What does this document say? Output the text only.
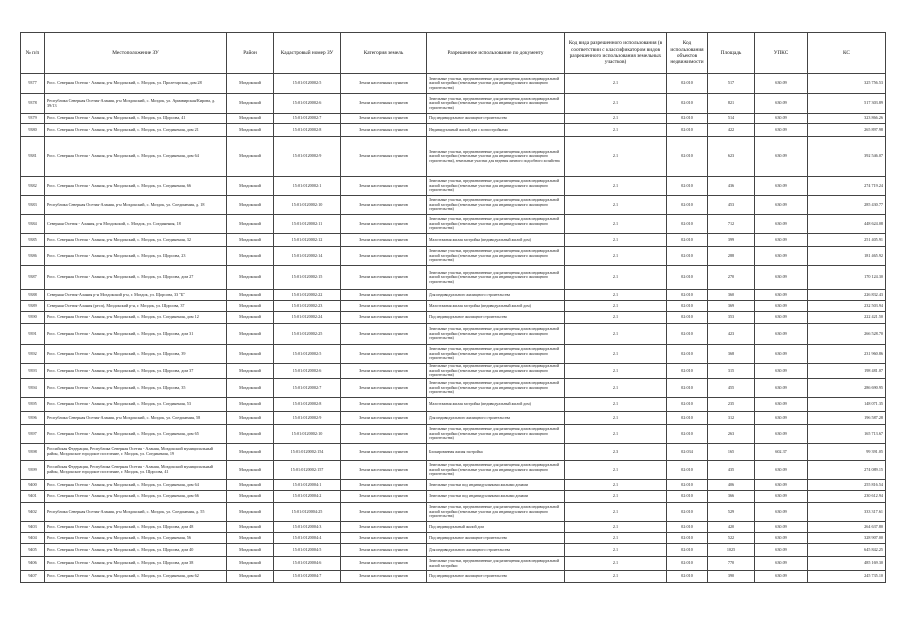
№ п/п	Местоположение ЗУ	Район	Кадастровый номер ЗУ	Категория земель	Разрешенное использование по документу	Код вида разрешенного использования (в соответствии с классификатором видов разрешенного использования земельных участков)	Код использования объектов недвижимости	Площадь	УПКС	КС
9377	Росс. Северная Осетия - Алания, р-н Моздокский, с. Моздок, ул. Пролетарская, дом 28	Моздокский	15:01:0120002:5	Земли населенных пунктов	Земельные участки, предназначенные для размещения домов индивидуальной жилой застройки (земельные участки для индивидуального жилищного строительства)	2.1	02:010	517	630.09	325 756.53
9378	Республика Северная Осетия-Алания, р-н Моздокский, с. Моздок, ул. Армавирская/Кирова, д. 39/13	Моздокский	15:01:0120002:6	Земли населенных пунктов	Земельные участки, предназначенные для размещения домов индивидуальной жилой застройки (земельные участки для индивидуального жилищного строительства)	2.1	02:010	821	630.09	517 303.89
9379	Росс. Северная Осетия - Алания, р-н Моздокский, с. Моздок, ул. Щорсова, 41	Моздокский	15:01:0120002:7	Земли населенных пунктов	Под индивидуальное жилищное строительство	2.1	02:010	514	630.09	323 866.26
9380	Росс. Северная Осетия - Алания, р-н Моздокский, с. Моздок, ул. Соединения, дом 21	Моздокский	15:01:0120002:8	Земли населенных пунктов	Индивидуальный жилой дом с хозпостройками	2.1	02:010	422	630.09	265 897.98
9381	Росс. Северная Осетия - Алания, р-н Моздокский, с. Моздок, ул. Соединения, дом 64	Моздокский	15:01:0120002:9	Земли населенных пунктов	Земельные участки, предназначенные для размещения домов индивидуальной жилой застройки (земельные участки для индивидуального жилищного строительства), земельные участки для ведения личного подсобного хозяйства	2.1	02:010	623	630.09	392 546.07
9382	Росс. Северная Осетия - Алания, р-н Моздокский, с. Моздок, ул. Соединения, 66	Моздокский	15:01:0120002:1	Земли населенных пунктов	Земельные участки, предназначенные для размещения домов индивидуальной жилой застройки (земельные участки для индивидуального жилищного строительства)	2.1	02:010	436	630.09	274 719.24
9383	Республика Северная Осетия-Алания, р-н Моздокский, с. Моздок, ул. Соединения, д. 18	Моздокский	15:01:0120002:10	Земли населенных пунктов	Земельные участки, предназначенные для размещения домов индивидуальной жилой застройки (земельные участки для индивидуального жилищного строительства)	2.1	02:010	453	630.09	285 430.77
9384	Северная Осетия - Алания, р-н Моздокский, с. Моздок, ул. Соединения, 18	Моздокский	15:01:0120002:11	Земли населенных пунктов	Земельные участки, предназначенные для размещения домов индивидуальной жилой застройки (земельные участки для индивидуального жилищного строительства)	2.1	02:010	712	630.09	448 624.08
9385	Росс. Северная Осетия - Алания, р-н Моздокский, с. Моздок, ул. Соединения, 32	Моздокский	15:01:0120002:12	Земли населенных пунктов	Малоэтажная жилая застройка (индивидуальный жилой дом)	2.1	02:010	399	630.09	251 405.91
9386	Росс. Северная Осетия - Алания, р-н Моздокский, с. Моздок, ул. Щорсова, 23	Моздокский	15:01:0120002:14	Земли населенных пунктов	Земельные участки, предназначенные для размещения домов индивидуальной жилой застройки (земельные участки для индивидуального жилищного строительства)	2.1	02:010	288	630.09	181 465.92
9387	Росс. Северная Осетия - Алания, р-н Моздокский, с. Моздок, ул. Щорсова, дом 27	Моздокский	15:01:0120002:15	Земли населенных пунктов	Земельные участки, предназначенные для размещения домов индивидуальной жилой застройки (земельные участки для индивидуального жилищного строительства)	2.1	02:010	270	630.09	170 124.30
9388	Северная Осетия-Алания р-н Моздокский р-н, г. Моздок, ул. Щорсова, 33 "Б"	Моздокский	15:01:0120002:22	Земли населенных пунктов	Для индивидуального жилищного строительства	2.1	02:010	360	630.09	226 832.43
9389	Северная Осетия-Алания (респ), Моздокский р-н, г. Моздок, ул. Щорсова, 37	Моздокский	15:01:0120002:23	Земли населенных пунктов	Малоэтажная жилая застройка (индивидуальный жилой дом)	2.1	02:010	369	630.09	232 503.94
9390	Росс. Северная Осетия - Алания, р-н Моздокский, с. Моздок, ул. Соединения, дом 12	Моздокский	15:01:0120002:24	Земли населенных пунктов	Под индивидуальное жилищное строительство	2.1	02:010	353	630.09	222 421.50
9391	Росс. Северная Осетия - Алания, р-н Моздокский, с. Моздок, ул. Щорсова, дом 31	Моздокский	15:01:0120002:25	Земли населенных пунктов	Земельные участки, предназначенные для размещения домов индивидуальной жилой застройки (земельные участки для индивидуального жилищного строительства)	2.1	02:010	423	630.09	266 528.70
9392	Росс. Северная Осетия - Алания, р-н Моздокский, с. Моздок, ул. Щорсова, 39	Моздокский	15:01:0120002:5	Земли населенных пунктов	Земельные участки, предназначенные для размещения домов индивидуальной жилой застройки (земельные участки для индивидуального жилищного строительства)	2.1	02:010	368	630.09	231 960.86
9393	Росс. Северная Осетия - Алания, р-н Моздокский, с. Моздок, ул. Щорсова, дом 37	Моздокский	15:01:0120002:6	Земли населенных пунктов	Земельные участки, предназначенные для размещения домов индивидуальной жилой застройки (земельные участки для индивидуального жилищного строительства)	2.1	02:010	315	630.09	198 481.07
9394	Росс. Северная Осетия - Алания, р-н Моздокский, с. Моздок, ул. Щорсова, 35	Моздокский	15:01:0120002:7	Земли населенных пунктов	Земельные участки, предназначенные для размещения домов индивидуальной жилой застройки (земельные участки для индивидуального жилищного строительства)	2.1	02:010	455	630.09	286 690.95
9395	Росс. Северная Осетия - Алания, р-н Моздокский, с. Моздок, ул. Соединения, 53	Моздокский	15:01:0120002:8	Земли населенных пунктов	Малоэтажная жилая застройка (индивидуальный жилой дом)	2.1	02:010	235	630.09	148 071.35
9396	Республика Северная Осетия-Алания, р-н Моздокский, с. Моздок, ул. Соединения, 58	Моздокский	15:01:0120002:9	Земли населенных пунктов	Для индивидуального жилищного строительства	2.1	02:010	312	630.09	196 587.28
9397	Росс. Северная Осетия - Алания, р-н Моздокский, с. Моздок, ул. Соединения, дом 65	Моздокский	15:01:0120002:10	Земли населенных пунктов	Земельные участки, предназначенные для размещения домов индивидуальной жилой застройки (земельные участки для индивидуального жилищного строительства)	2.1	02:010	263	630.09	165 713.67
9398	Российская Федерация, Республика Северная Осетия - Алания, Моздокский муниципальный район, Моздокское городское поселение, г. Моздок, ул. Соединения, 19	Моздокский	15:01:0120002:154	Земли населенных пунктов	Блокированная жилая застройка	2.3	02:034	165	602.37	99 391.05
9399	Российская Федерация, Республика Северная Осетия - Алания, Моздокский муниципальный район, Моздокское городское поселение, г. Моздок, ул. Щорсова, 41	Моздокский	15:01:0120002:157	Земли населенных пунктов	Земельные участки, предназначенные для размещения домов индивидуальной жилой застройки (земельные участки для индивидуального жилищного строительства)	2.1	02:010	435	630.09	274 089.15
9400	Росс. Северная Осетия - Алания, р-н Моздокский, с. Моздок, ул. Соединения, дом 64	Моздокский	15:01:0120004:1	Земли населенных пунктов	Земельные участки под индивидуальными жилыми домами	2.1	02:010	406	630.09	255 816.54
9401	Росс. Северная Осетия - Алания, р-н Моздокский, с. Моздок, ул. Соединения, дом 66	Моздокский	15:01:0120004:2	Земли населенных пунктов	Земельные участки под индивидуальными жилыми домами	2.1	02:010	366	630.09	230 612.94
9402	Республика Северная Осетия-Алания, р-н Моздокский, с. Моздок, ул. Соединения, д. 55	Моздокский	15:01:0120004:25	Земли населенных пунктов	Земельные участки, предназначенные для размещения домов индивидуальной жилой застройки (земельные участки для индивидуального жилищного строительства)	2.1	02:010	529	630.09	333 317.61
9403	Росс. Северная Осетия - Алания, р-н Моздокский, с. Моздок, ул. Щорсова, дом 48	Моздокский	15:01:0120004:3	Земли населенных пунктов	Под индивидуальный жилой дом	2.1	02:010	420	630.09	264 637.80
9404	Росс. Северная Осетия - Алания, р-н Моздокский, с. Моздок, ул. Соединения, 56	Моздокский	15:01:0120004:4	Земли населенных пунктов	Под индивидуальное жилищное строительство	2.1	02:010	522	630.09	328 907.00
9405	Росс. Северная Осетия - Алания, р-н Моздокский, с. Моздок, ул. Щорсова, дом 40	Моздокский	15:01:0120004:5	Земли населенных пунктов	Для индивидуального жилищного строительства	2.1	02:010	1025	630.09	645 842.25
9406	Росс. Северная Осетия - Алания, р-н Моздокский, с. Моздок, ул. Щорсова, дом 38	Моздокский	15:01:0120004:6	Земли населенных пунктов	Земельные участки, предназначенные для размещения домов индивидуальной жилой застройки	2.1	02:010	770	630.09	485 169.30
9407	Росс. Северная Осетия - Алания, р-н Моздокский, с. Моздок, ул. Соединения, дом 62	Моздокский	15:01:0120004:7	Земли населенных пунктов	Под индивидуальное жилищное строительство	2.1	02:010	390	630.09	245 735.10
